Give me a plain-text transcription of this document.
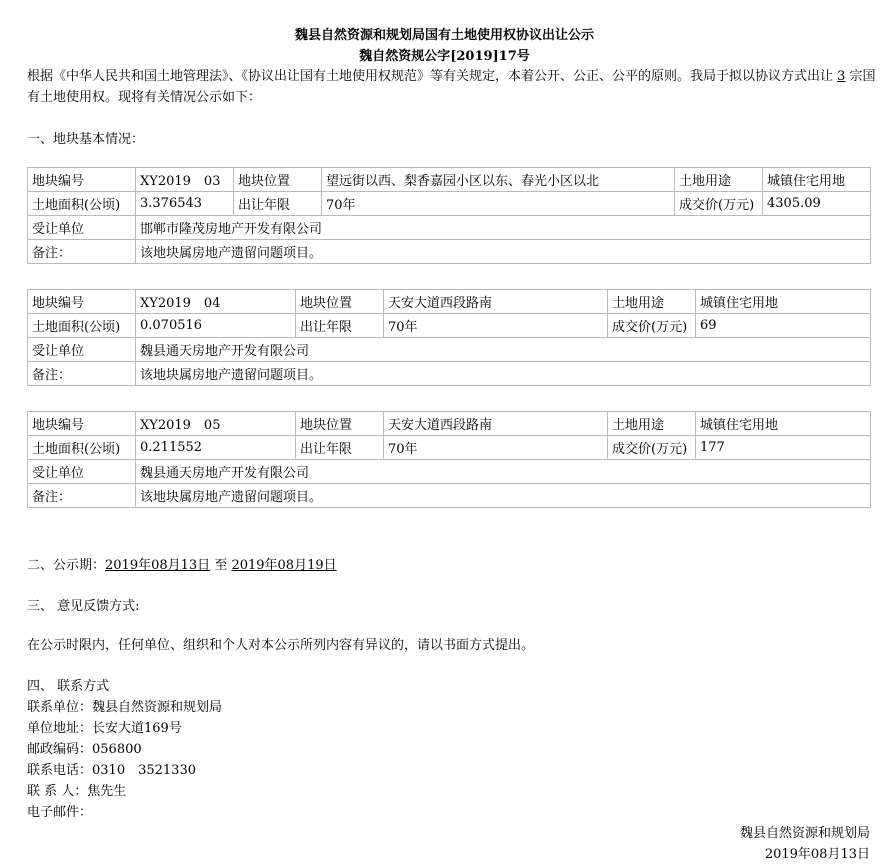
魏县自然资源和规划局国有土地使用权协议出让公示
魏自然资规公字[2019]17号
根据《中华人民共和国土地管理法》、《协议出让国有土地使用权规范》等有关规定，本着公开、公正、公平的原则。我局于拟以协议方式出让 3 宗国有土地使用权。现将有关情况公示如下：
一、地块基本情况：
地块编号	XY2019　03	地块位置	望远街以西、梨香嘉园小区以东、春光小区以北	土地用途	城镇住宅用地
土地面积(公顷)	3.376543	出让年限	70年	成交价(万元)	4305.09
受让单位	邯郸市隆茂房地产开发有限公司				
备注：	该地块属房地产遗留问题项目。				
地块编号	XY2019　04	地块位置	天安大道西段路南	土地用途	城镇住宅用地
土地面积(公顷)	0.070516	出让年限	70年	成交价(万元)	69
受让单位	魏县通天房地产开发有限公司				
备注：	该地块属房地产遗留问题项目。				
地块编号	XY2019　05	地块位置	天安大道西段路南	土地用途	城镇住宅用地
土地面积(公顷)	0.211552	出让年限	70年	成交价(万元)	177
受让单位	魏县通天房地产开发有限公司				
备注：	该地块属房地产遗留问题项目。				
二、公示期：2019年08月13日 至 2019年08月19日
三、 意见反馈方式:
在公示时限内，任何单位、组织和个人对本公示所列内容有异议的，请以书面方式提出。
四、 联系方式
联系单位：魏县自然资源和规划局
单位地址：长安大道169号
邮政编码：056800
联系电话：0310　3521330
联 系 人：焦先生
电子邮件：
魏县自然资源和规划局
2019年08月13日
